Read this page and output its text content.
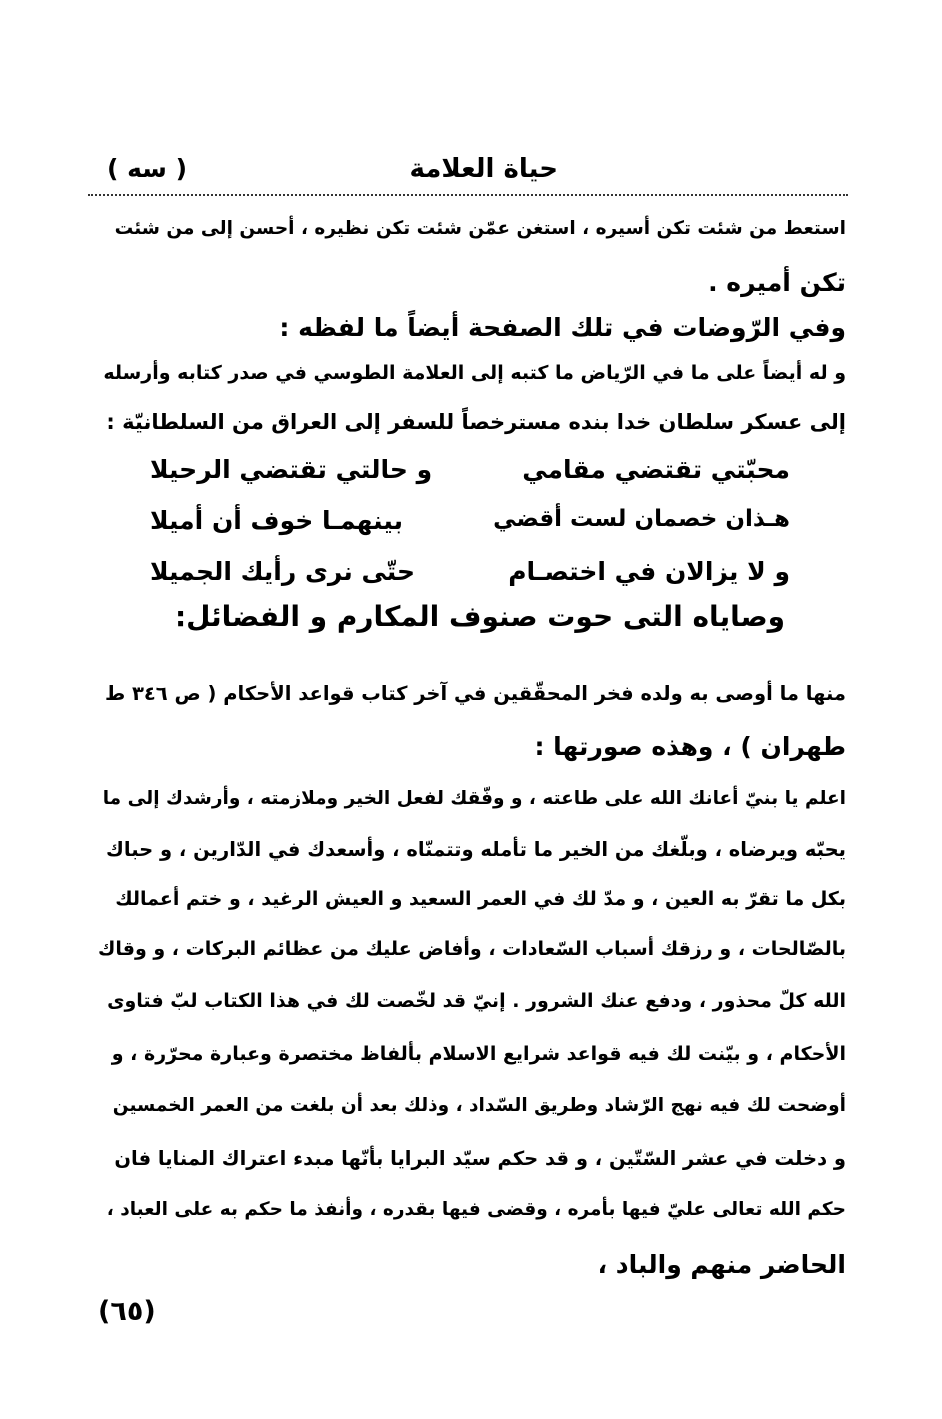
حياة العلامة
( سه )
استعط من شئت تكن أسيره ، استغن عمّن شئت تكن نظيره ، أحسن إلى من شئت
تكن أميره .
وفي الرّوضات في تلك الصفحة أيضاً ما لفظه :
و له أيضاً على ما في الرّياض ما كتبه إلى العلامة الطوسي في صدر كتابه وأرسله
إلى عسكر سلطان خدا بنده مسترخصاً للسفر إلى العراق من السلطانيّة :
محبّتي تقتضي مقامي
و حالتي تقتضي الرحيلا
هـذان خصمان لست أقضي
بينهمـا خوف أن أميلا
و لا يزالان في اختصـام
حتّى نرى رأيك الجميلا
وصاياه التى حوت صنوف المكارم و الفضائل:
منها ما أوصى به ولده فخر المحقّقين في آخر كتاب قواعد الأحكام ( ص ٣٤٦ ط
طهران ) ، وهذه صورتها :
اعلم يا بنيّ أعانك الله على طاعته ، و وفّقك لفعل الخير وملازمته ، وأرشدك إلى ما
يحبّه ويرضاه ، وبلّغك من الخير ما تأمله وتتمنّاه ، وأسعدك في الدّارين ، و حباك
بكل ما تقرّ به العين ، و مدّ لك في العمر السعيد و العيش الرغيد ، و ختم أعمالك
بالصّالحات ، و رزقك أسباب السّعادات ، وأفاض عليك من عظائم البركات ، و وقاك
الله كلّ محذور ، ودفع عنك الشرور . إنيّ قد لخّصت لك في هذا الكتاب لبّ فتاوى
الأحكام ، و بيّنت لك فيه قواعد شرايع الاسلام بألفاظ مختصرة وعبارة محرّرة ، و
أوضحت لك فيه نهج الرّشاد وطريق السّداد ، وذلك بعد أن بلغت من العمر الخمسين
و دخلت في عشر السّتّين ، و قد حكم سيّد البرايا بأنّها مبدء اعتراك المنايا فان
حكم الله تعالى عليّ فيها بأمره ، وقضى فيها بقدره ، وأنفذ ما حكم به على العباد ،
الحاضر منهم والباد ،
(٦٥)
